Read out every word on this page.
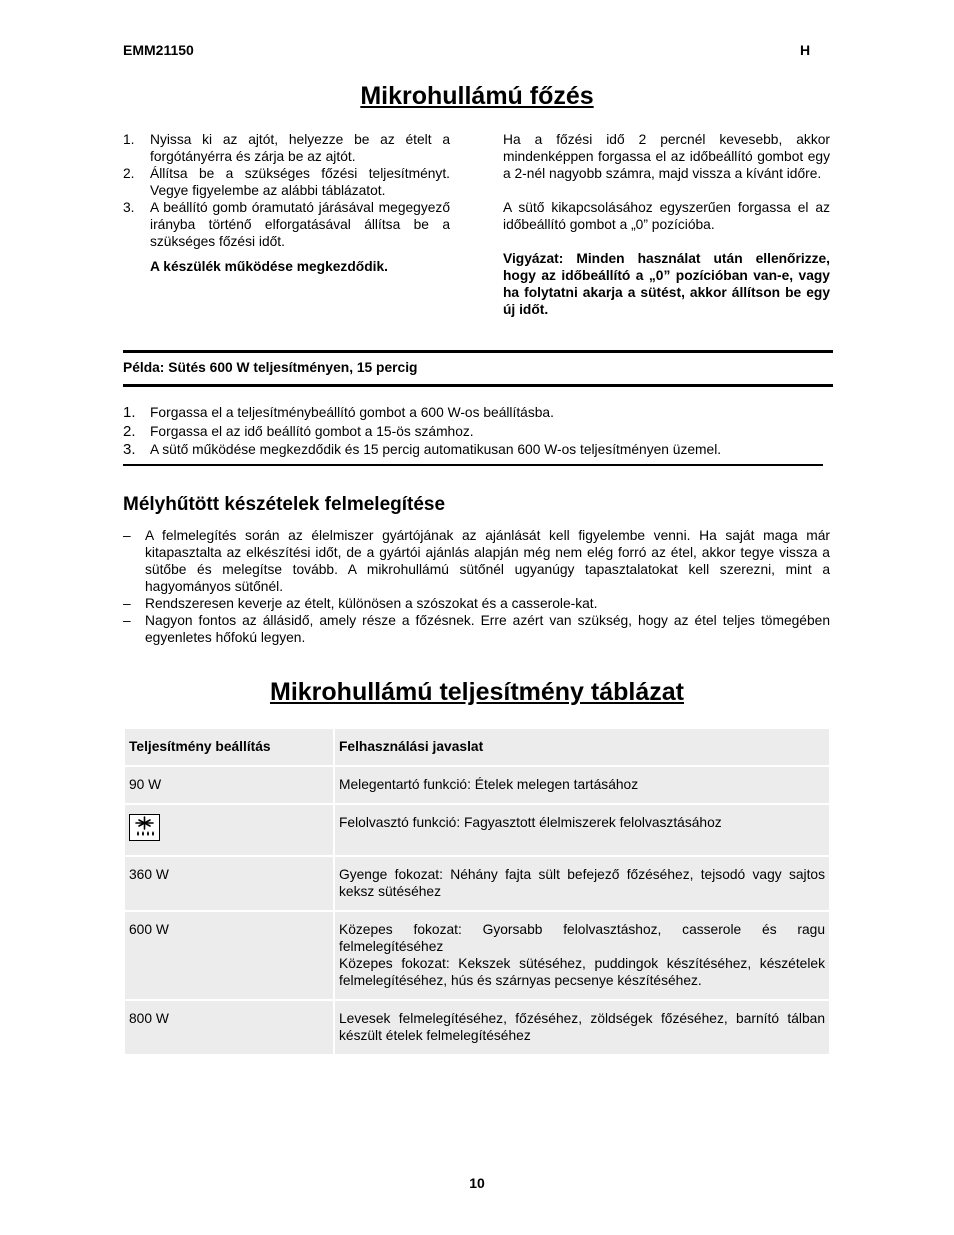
EMM21150	H
Mikrohullámú főzés
1. Nyissa ki az ajtót, helyezze be az ételt a forgótányérra és zárja be az ajtót.
2. Állítsa be a szükséges főzési teljesítményt. Vegye figyelembe az alábbi táblázatot.
3. A beállító gomb óramutató járásával megegyező irányba történő elforgatásával állítsa be a szükséges főzési időt.
A készülék működése megkezdődik.
Ha a főzési idő 2 percnél kevesebb, akkor mindenképpen forgassa el az időbeállító gombot egy a 2-nél nagyobb számra, majd vissza a kívánt időre.
A sütő kikapcsolásához egyszerűen forgassa el az időbeállító gombot a „0” pozícióba.
Vigyázat: Minden használat után ellenőrizze, hogy az időbeállító a „0” pozícióban van-e, vagy ha folytatni akarja a sütést, akkor állítson be egy új időt.
Példa: Sütés 600 W teljesítményen, 15 percig
1. Forgassa el a teljesítménybeállító gombot a 600 W-os beállításba.
2. Forgassa el az idő beállító gombot a 15-ös számhoz.
3. A sütő működése megkezdődik és 15 percig automatikusan 600 W-os teljesítményen üzemel.
Mélyhűtött készételek felmelegítése
– A felmelegítés során az élelmiszer gyártójának az ajánlását kell figyelembe venni. Ha saját maga már kitapasztalta az elkészítési időt, de a gyártói ajánlás alapján még nem elég forró az étel, akkor tegye vissza a sütőbe és melegítse tovább. A mikrohullámú sütőnél ugyanúgy tapasztalatokat kell szerezni, mint a hagyományos sütőnél.
– Rendszeresen keverje az ételt, különösen a szószokat és a casserole-kat.
– Nagyon fontos az állásidő, amely része a főzésnek. Erre azért van szükség, hogy az étel teljes tömegében egyenletes hőfokú legyen.
Mikrohullámú teljesítmény táblázat
Teljesítmény beállítás	Felhasználási javaslat
90 W	Melegentartó funkció: Ételek melegen tartásához
	Felolvasztó funkció: Fagyasztott élelmiszerek felolvasztásához
360 W	Gyenge fokozat: Néhány fajta sült befejező főzéséhez, tejsodó vagy sajtos keksz sütéséhez
600 W	Közepes fokozat: Gyorsabb felolvasztáshoz, casserole és ragu felmelegítéséhez
Közepes fokozat: Kekszek sütéséhez, puddingok készítéséhez, készételek felmelegítéséhez, hús és szárnyas pecsenye készítéséhez.

800 W	Levesek felmelegítéséhez, főzéséhez, zöldségek főzéséhez, barnító tálban készült ételek felmelegítéséhez
10
